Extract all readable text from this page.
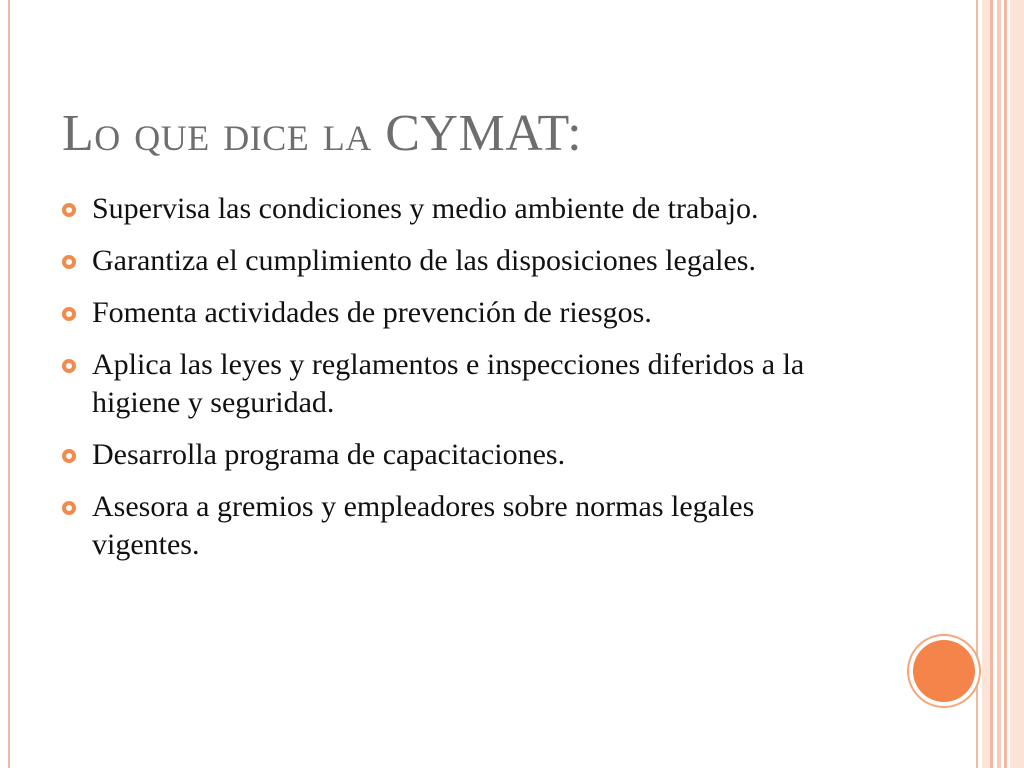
Lo que dice la CYMAT:
Supervisa las condiciones y medio ambiente de trabajo.
Garantiza el cumplimiento de las disposiciones legales.
Fomenta actividades de prevención de riesgos.
Aplica las leyes y reglamentos e inspecciones diferidos a la higiene y seguridad.
Desarrolla programa de capacitaciones.
Asesora a gremios y empleadores sobre normas legales vigentes.
